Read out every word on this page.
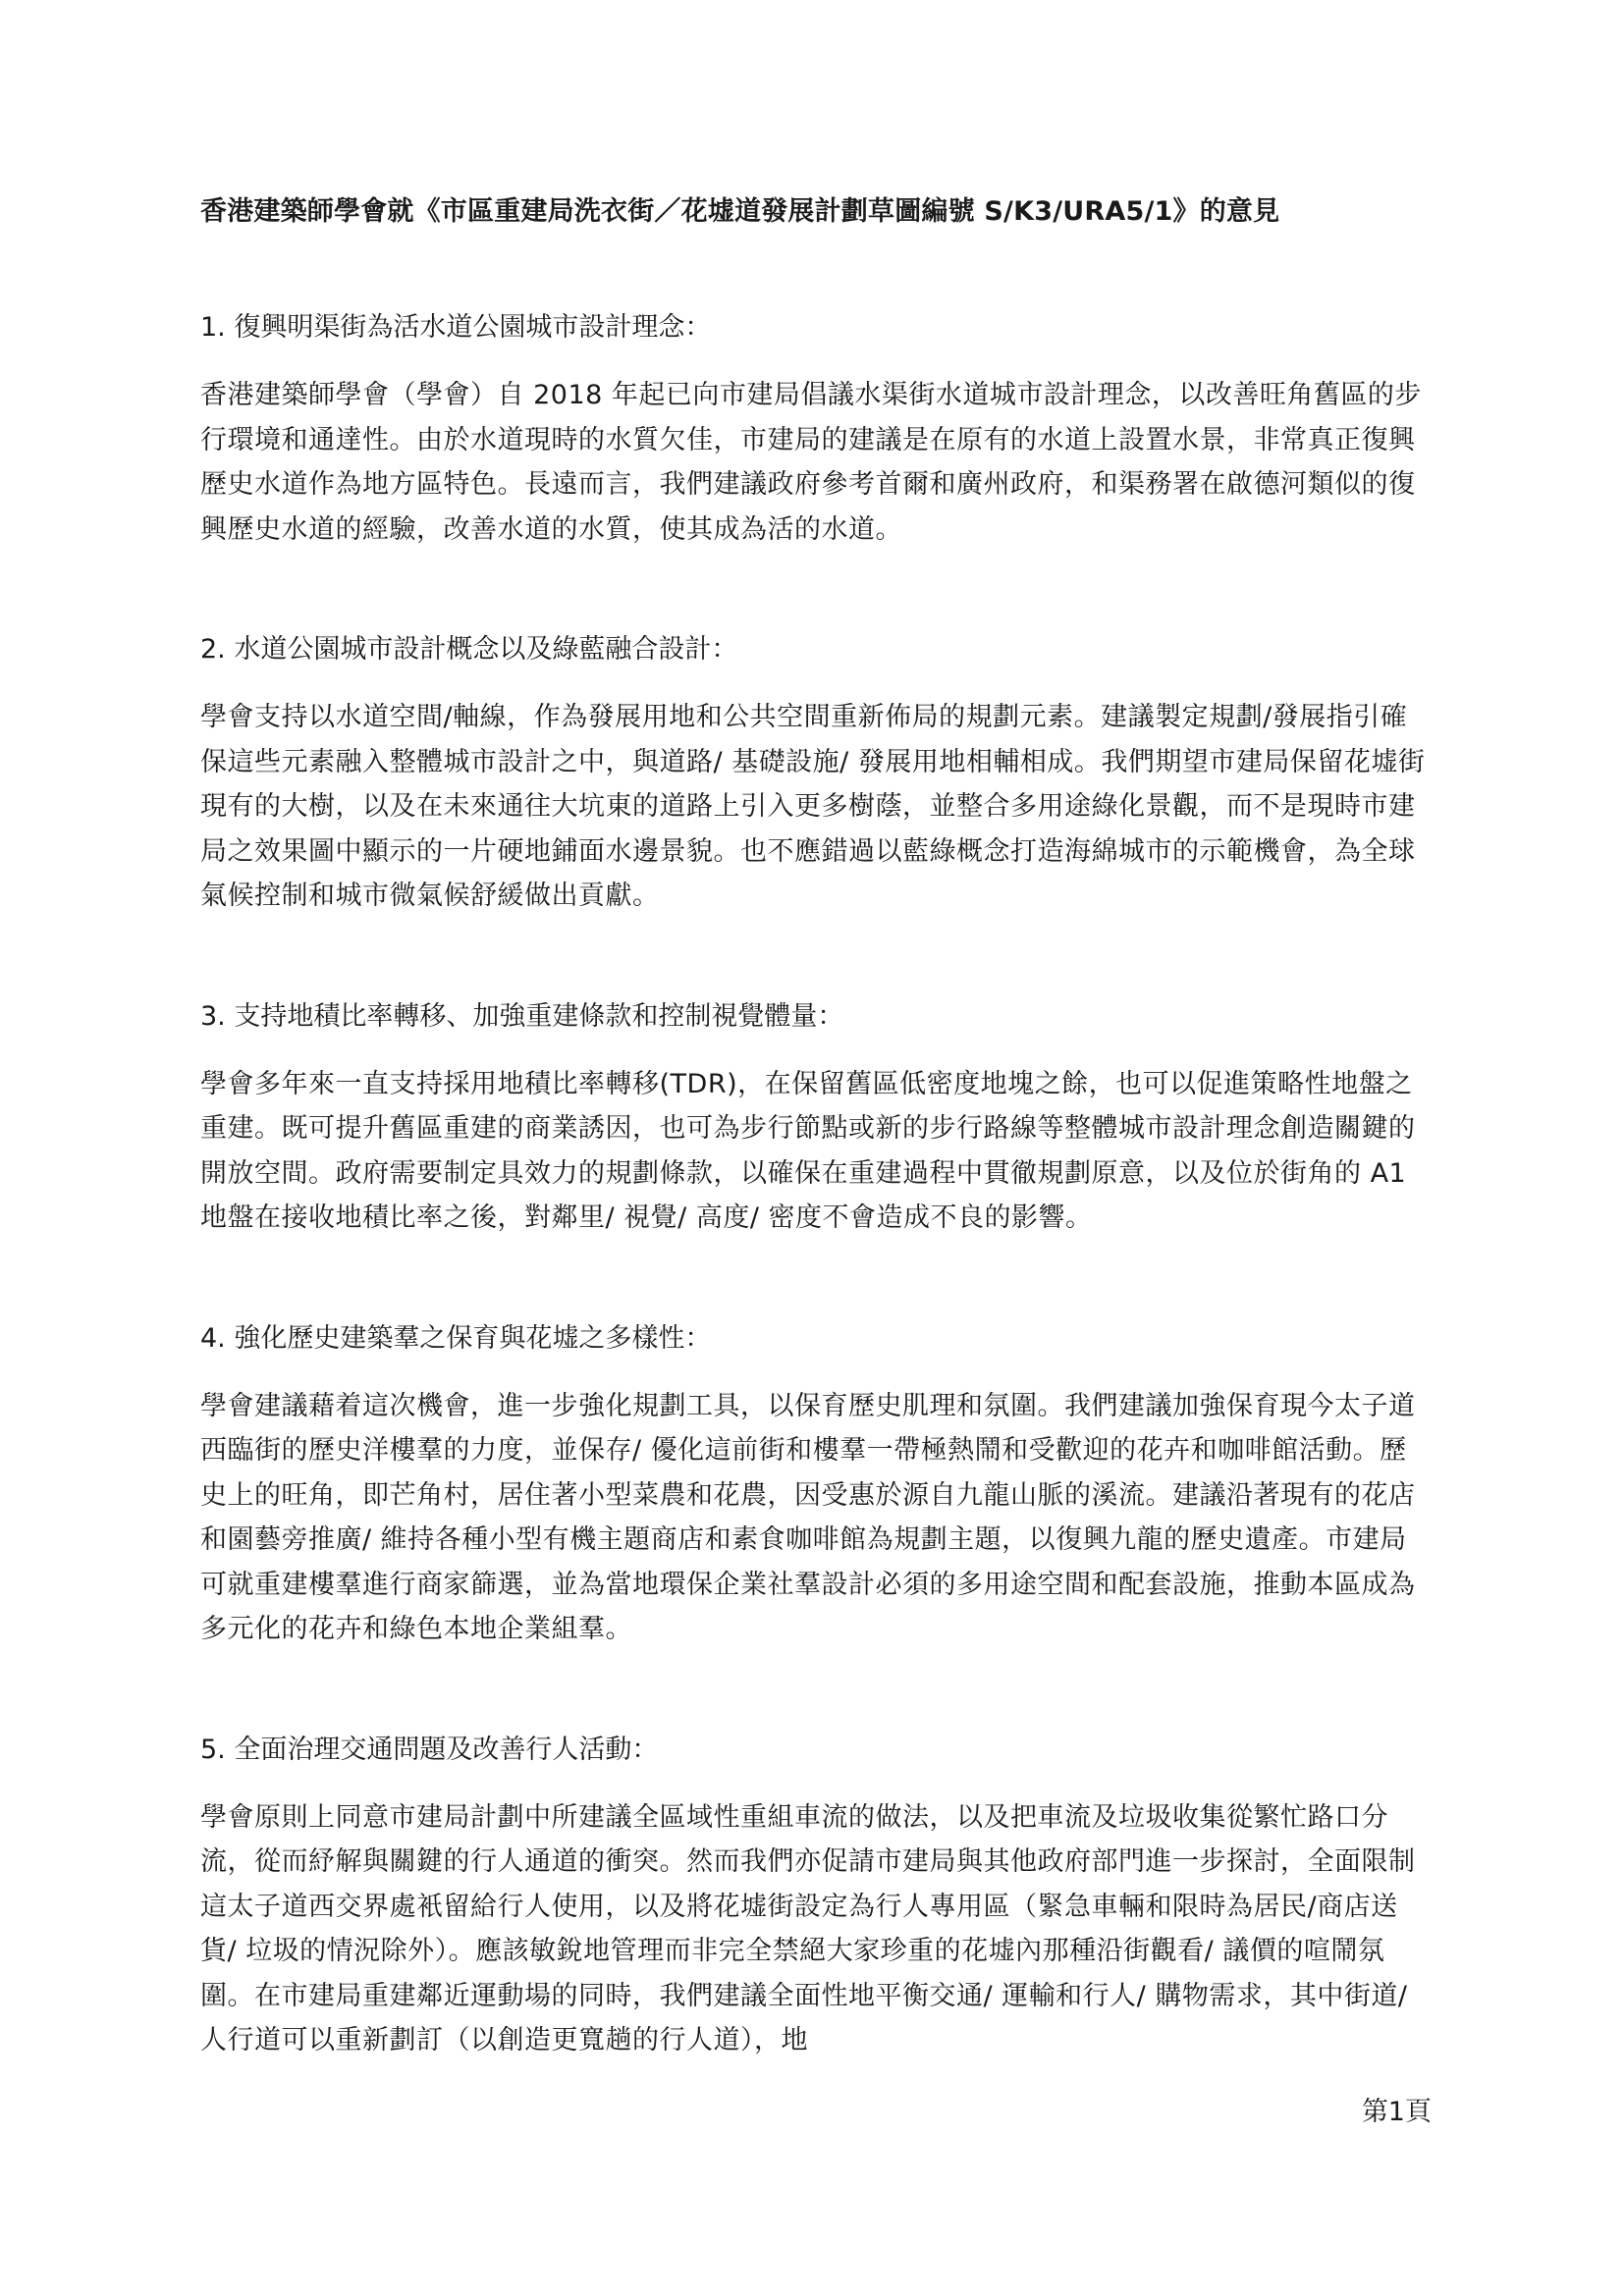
香港建築師學會就《市區重建局洗衣街／花墟道發展計劃草圖編號 S/K3/URA5/1》的意見
1. 復興明渠街為活水道公園城市設計理念：

香港建築師學會（學會）自 2018 年起已向市建局倡議水渠街水道城市設計理念，以改善旺角舊區的步行環境和通達性。由於水道現時的水質欠佳，市建局的建議是在原有的水道上設置水景，非常真正復興歷史水道作為地方區特色。長遠而言，我們建議政府參考首爾和廣州政府，和渠務署在啟德河類似的復興歷史水道的經驗，改善水道的水質，使其成為活的水道。

2. 水道公園城市設計概念以及綠藍融合設計：

學會支持以水道空間/軸線，作為發展用地和公共空間重新佈局的規劃元素。建議製定規劃/發展指引確保這些元素融入整體城市設計之中，與道路/ 基礎設施/ 發展用地相輔相成。我們期望市建局保留花墟街現有的大樹，以及在未來通往大坑東的道路上引入更多樹蔭，並整合多用途綠化景觀，而不是現時市建局之效果圖中顯示的一片硬地鋪面水邊景貌。也不應錯過以藍綠概念打造海綿城市的示範機會，為全球氣候控制和城市微氣候舒緩做出貢獻。

3. 支持地積比率轉移、加強重建條款和控制視覺體量：

學會多年來一直支持採用地積比率轉移(TDR)，在保留舊區低密度地塊之餘，也可以促進策略性地盤之重建。既可提升舊區重建的商業誘因，也可為步行節點或新的步行路線等整體城市設計理念創造關鍵的開放空間。政府需要制定具效力的規劃條款，以確保在重建過程中貫徹規劃原意，以及位於街角的 A1 地盤在接收地積比率之後，對鄰里/ 視覺/ 高度/ 密度不會造成不良的影響。

4. 強化歷史建築羣之保育與花墟之多樣性：

學會建議藉着這次機會，進一步強化規劃工具，以保育歷史肌理和氛圍。我們建議加強保育現今太子道西臨街的歷史洋樓羣的力度，並保存/ 優化這前街和樓羣一帶極熱鬧和受歡迎的花卉和咖啡館活動。歷史上的旺角，即芒角村，居住著小型菜農和花農，因受惠於源自九龍山脈的溪流。建議沿著現有的花店和園藝旁推廣/ 維持各種小型有機主題商店和素食咖啡館為規劃主題，以復興九龍的歷史遺產。市建局可就重建樓羣進行商家篩選，並為當地環保企業社羣設計必須的多用途空間和配套設施，推動本區成為多元化的花卉和綠色本地企業組羣。

5. 全面治理交通問題及改善行人活動：

學會原則上同意市建局計劃中所建議全區域性重組車流的做法，以及把車流及垃圾收集從繁忙路口分流，從而紓解與關鍵的行人通道的衝突。然而我們亦促請市建局與其他政府部門進一步探討，全面限制這太子道西交界處衹留給行人使用，以及將花墟街設定為行人專用區（緊急車輛和限時為居民/商店送貨/ 垃圾的情況除外）。應該敏銳地管理而非完全禁絕大家珍重的花墟內那種沿街觀看/ 議價的喧鬧氛圍。在市建局重建鄰近運動場的同時，我們建議全面性地平衡交通/ 運輸和行人/ 購物需求，其中街道/ 人行道可以重新劃訂（以創造更寬趟的行人道），地

第1頁
